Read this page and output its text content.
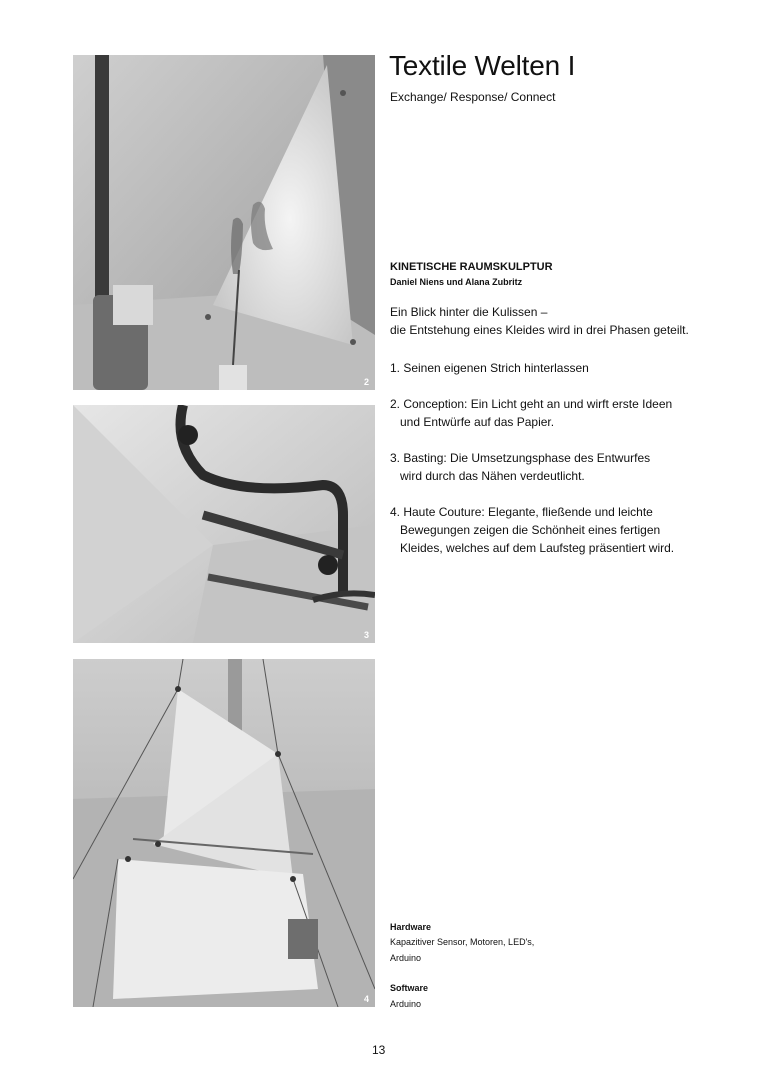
2
3
4
Textile Welten I
Exchange/ Response/ Connect
KINETISCHE RAUMSKULPTUR
Daniel Niens und Alana Zubritz
Ein Blick hinter die Kulissen –
die Entstehung eines Kleides wird in drei Phasen geteilt.
1. Seinen eigenen Strich hinterlassen
2. Conception: Ein Licht geht an und wirft erste Ideen
und Entwürfe auf das Papier.
3. Basting: Die Umsetzungsphase des Entwurfes
wird durch das Nähen verdeutlicht.
4. Haute Couture: Elegante, fließende und leichte
Bewegungen zeigen die Schönheit eines fertigen
Kleides, welches auf dem Laufsteg präsentiert wird.
Hardware
Kapazitiver Sensor, Motoren, LED's,
Arduino
Software
Arduino
13
